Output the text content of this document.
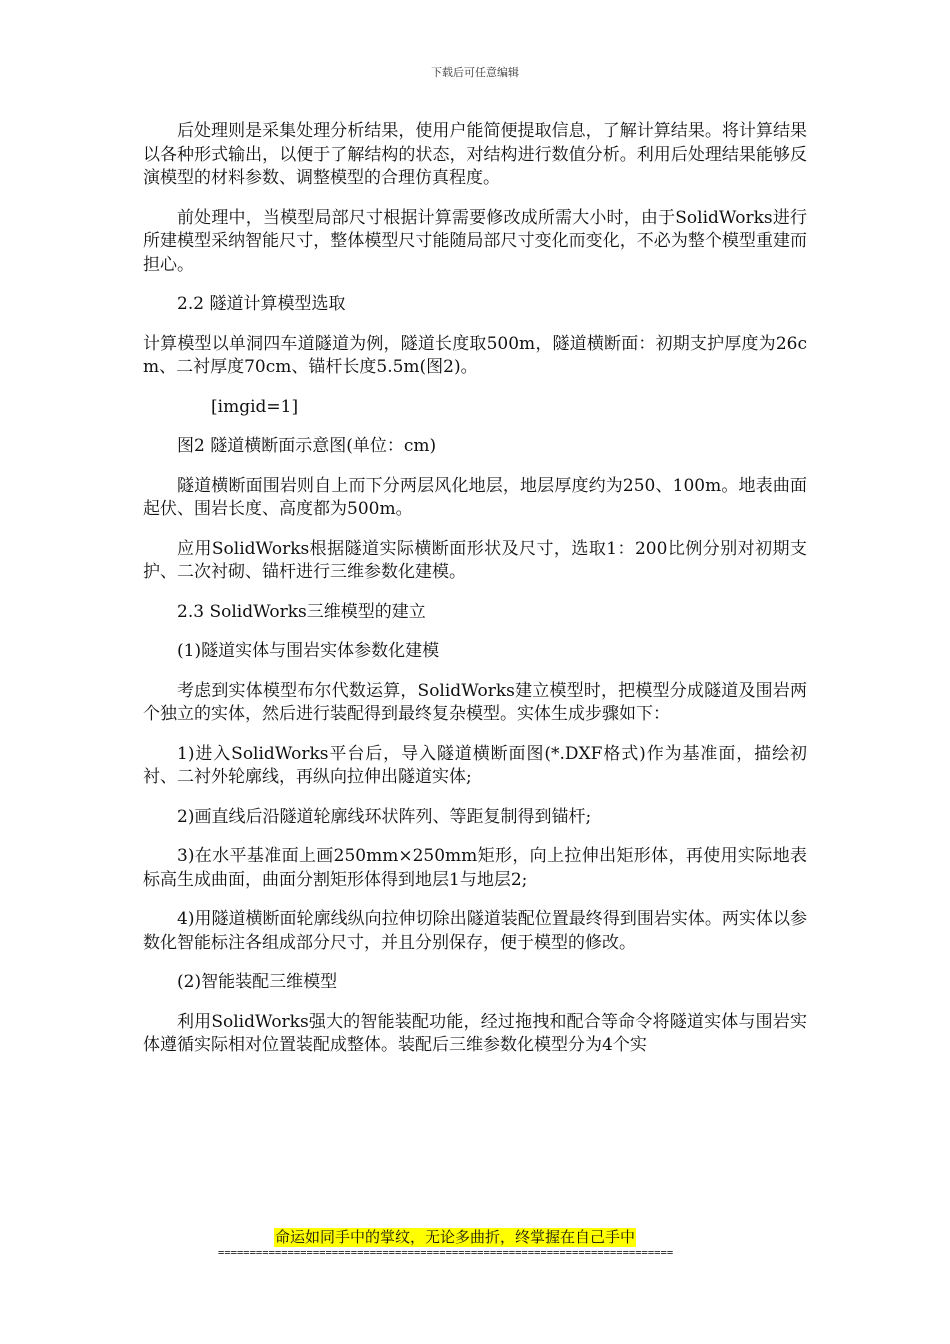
下载后可任意编辑
后处理则是采集处理分析结果，使用户能简便提取信息，了解计算结果。将计算结果以各种形式输出，以便于了解结构的状态，对结构进行数值分析。利用后处理结果能够反演模型的材料参数、调整模型的合理仿真程度。
前处理中，当模型局部尺寸根据计算需要修改成所需大小时，由于SolidWorks进行所建模型采纳智能尺寸，整体模型尺寸能随局部尺寸变化而变化，不必为整个模型重建而担心。
2.2 隧道计算模型选取
计算模型以单洞四车道隧道为例，隧道长度取500m，隧道横断面：初期支护厚度为26cm、二衬厚度70cm、锚杆长度5.5m(图2)。
[imgid=1]
图2 隧道横断面示意图(单位：cm)
隧道横断面围岩则自上而下分两层风化地层，地层厚度约为250、100m。地表曲面起伏、围岩长度、高度都为500m。
应用SolidWorks根据隧道实际横断面形状及尺寸，选取1：200比例分别对初期支护、二次衬砌、锚杆进行三维参数化建模。
2.3 SolidWorks三维模型的建立
(1)隧道实体与围岩实体参数化建模
考虑到实体模型布尔代数运算，SolidWorks建立模型时，把模型分成隧道及围岩两个独立的实体，然后进行装配得到最终复杂模型。实体生成步骤如下：
1)进入SolidWorks平台后，导入隧道横断面图(*.DXF格式)作为基准面，描绘初衬、二衬外轮廓线，再纵向拉伸出隧道实体;
2)画直线后沿隧道轮廓线环状阵列、等距复制得到锚杆;
3)在水平基准面上画250mm×250mm矩形，向上拉伸出矩形体，再使用实际地表标高生成曲面，曲面分割矩形体得到地层1与地层2;
4)用隧道横断面轮廓线纵向拉伸切除出隧道装配位置最终得到围岩实体。两实体以参数化智能标注各组成部分尺寸，并且分别保存，便于模型的修改。
(2)智能装配三维模型
利用SolidWorks强大的智能装配功能，经过拖拽和配合等命令将隧道实体与围岩实体遵循实际相对位置装配成整体。装配后三维参数化模型分为4个实
命运如同手中的掌纹，无论多曲折，终掌握在自己手中
========================================================================
